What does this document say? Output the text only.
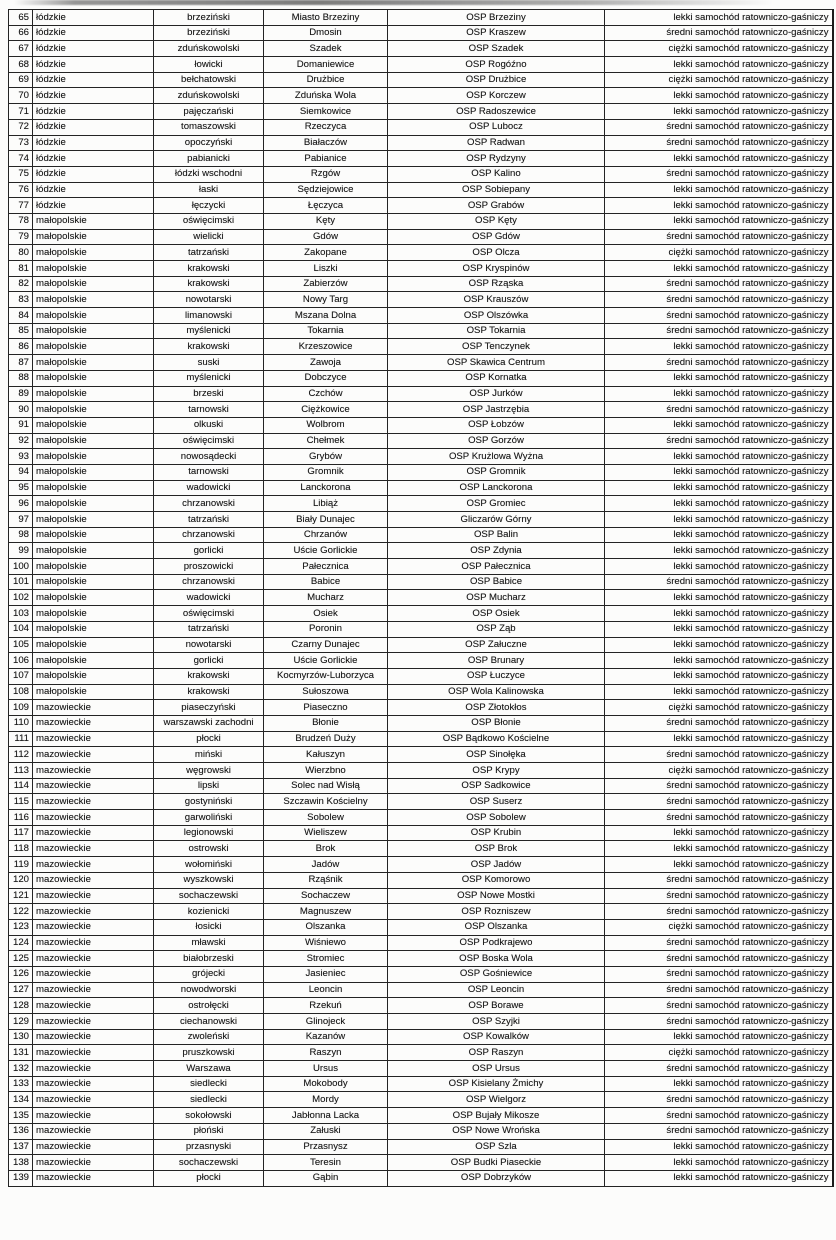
65	łódzkie	brzeziński	Miasto Brzeziny	OSP Brzeziny	lekki samochód ratowniczo-gaśniczy
66	łódzkie	brzeziński	Dmosin	OSP Kraszew	średni samochód ratowniczo-gaśniczy
67	łódzkie	zduńskowolski	Szadek	OSP Szadek	ciężki samochód ratowniczo-gaśniczy
68	łódzkie	łowicki	Domaniewice	OSP Rogóźno	lekki samochód ratowniczo-gaśniczy
69	łódzkie	bełchatowski	Drużbice	OSP Drużbice	ciężki samochód ratowniczo-gaśniczy
70	łódzkie	zduńskowolski	Zduńska Wola	OSP Korczew	lekki samochód ratowniczo-gaśniczy
71	łódzkie	pajęczański	Siemkowice	OSP Radoszewice	lekki samochód ratowniczo-gaśniczy
72	łódzkie	tomaszowski	Rzeczyca	OSP Lubocz	średni samochód ratowniczo-gaśniczy
73	łódzkie	opoczyński	Białaczów	OSP Radwan	średni samochód ratowniczo-gaśniczy
74	łódzkie	pabianicki	Pabianice	OSP Rydzyny	lekki samochód ratowniczo-gaśniczy
75	łódzkie	łódzki wschodni	Rzgów	OSP Kalino	średni samochód ratowniczo-gaśniczy
76	łódzkie	łaski	Sędziejowice	OSP Sobiepany	lekki samochód ratowniczo-gaśniczy
77	łódzkie	łęczycki	Łęczyca	OSP Grabów	lekki samochód ratowniczo-gaśniczy
78	małopolskie	oświęcimski	Kęty	OSP Kęty	lekki samochód ratowniczo-gaśniczy
79	małopolskie	wielicki	Gdów	OSP Gdów	średni samochód ratowniczo-gaśniczy
80	małopolskie	tatrzański	Zakopane	OSP Olcza	ciężki samochód ratowniczo-gaśniczy
81	małopolskie	krakowski	Liszki	OSP Kryspinów	lekki samochód ratowniczo-gaśniczy
82	małopolskie	krakowski	Zabierzów	OSP Rząska	średni samochód ratowniczo-gaśniczy
83	małopolskie	nowotarski	Nowy Targ	OSP Krauszów	średni samochód ratowniczo-gaśniczy
84	małopolskie	limanowski	Mszana Dolna	OSP Olszówka	średni samochód ratowniczo-gaśniczy
85	małopolskie	myślenicki	Tokarnia	OSP Tokarnia	średni samochód ratowniczo-gaśniczy
86	małopolskie	krakowski	Krzeszowice	OSP Tenczynek	lekki samochód ratowniczo-gaśniczy
87	małopolskie	suski	Zawoja	OSP Skawica Centrum	średni samochód ratowniczo-gaśniczy
88	małopolskie	myślenicki	Dobczyce	OSP Kornatka	lekki samochód ratowniczo-gaśniczy
89	małopolskie	brzeski	Czchów	OSP Jurków	lekki samochód ratowniczo-gaśniczy
90	małopolskie	tarnowski	Ciężkowice	OSP Jastrzębia	średni samochód ratowniczo-gaśniczy
91	małopolskie	olkuski	Wolbrom	OSP Łobzów	lekki samochód ratowniczo-gaśniczy
92	małopolskie	oświęcimski	Chełmek	OSP Gorzów	średni samochód ratowniczo-gaśniczy
93	małopolskie	nowosądecki	Grybów	OSP Krużlowa Wyżna	lekki samochód ratowniczo-gaśniczy
94	małopolskie	tarnowski	Gromnik	OSP Gromnik	lekki samochód ratowniczo-gaśniczy
95	małopolskie	wadowicki	Lanckorona	OSP Lanckorona	lekki samochód ratowniczo-gaśniczy
96	małopolskie	chrzanowski	Libiąż	OSP Gromiec	lekki samochód ratowniczo-gaśniczy
97	małopolskie	tatrzański	Biały Dunajec	Gliczarów Górny	lekki samochód ratowniczo-gaśniczy
98	małopolskie	chrzanowski	Chrzanów	OSP Balin	lekki samochód ratowniczo-gaśniczy
99	małopolskie	gorlicki	Uście Gorlickie	OSP Zdynia	lekki samochód ratowniczo-gaśniczy
100	małopolskie	proszowicki	Pałecznica	OSP Pałecznica	lekki samochód ratowniczo-gaśniczy
101	małopolskie	chrzanowski	Babice	OSP Babice	średni samochód ratowniczo-gaśniczy
102	małopolskie	wadowicki	Mucharz	OSP Mucharz	lekki samochód ratowniczo-gaśniczy
103	małopolskie	oświęcimski	Osiek	OSP Osiek	lekki samochód ratowniczo-gaśniczy
104	małopolskie	tatrzański	Poronin	OSP Ząb	lekki samochód ratowniczo-gaśniczy
105	małopolskie	nowotarski	Czarny Dunajec	OSP Załuczne	lekki samochód ratowniczo-gaśniczy
106	małopolskie	gorlicki	Uście Gorlickie	OSP Brunary	lekki samochód ratowniczo-gaśniczy
107	małopolskie	krakowski	Kocmyrzów-Luborzyca	OSP Łuczyce	lekki samochód ratowniczo-gaśniczy
108	małopolskie	krakowski	Sułoszowa	OSP Wola Kalinowska	lekki samochód ratowniczo-gaśniczy
109	mazowieckie	piaseczyński	Piaseczno	OSP Złotokłos	ciężki samochód ratowniczo-gaśniczy
110	mazowieckie	warszawski zachodni	Błonie	OSP Błonie	średni samochód ratowniczo-gaśniczy
111	mazowieckie	płocki	Brudzeń Duży	OSP Bądkowo Kościelne	lekki samochód ratowniczo-gaśniczy
112	mazowieckie	miński	Kałuszyn	OSP Sinołęka	średni samochód ratowniczo-gaśniczy
113	mazowieckie	węgrowski	Wierzbno	OSP Krypy	ciężki samochód ratowniczo-gaśniczy
114	mazowieckie	lipski	Solec nad Wisłą	OSP Sadkowice	średni samochód ratowniczo-gaśniczy
115	mazowieckie	gostyniński	Szczawin Kościelny	OSP Suserz	średni samochód ratowniczo-gaśniczy
116	mazowieckie	garwoliński	Sobolew	OSP Sobolew	średni samochód ratowniczo-gaśniczy
117	mazowieckie	legionowski	Wieliszew	OSP Krubin	lekki samochód ratowniczo-gaśniczy
118	mazowieckie	ostrowski	Brok	OSP Brok	lekki samochód ratowniczo-gaśniczy
119	mazowieckie	wołomiński	Jadów	OSP Jadów	lekki samochód ratowniczo-gaśniczy
120	mazowieckie	wyszkowski	Rząśnik	OSP Komorowo	średni samochód ratowniczo-gaśniczy
121	mazowieckie	sochaczewski	Sochaczew	OSP Nowe Mostki	średni samochód ratowniczo-gaśniczy
122	mazowieckie	kozienicki	Magnuszew	OSP Rozniszew	średni samochód ratowniczo-gaśniczy
123	mazowieckie	łosicki	Olszanka	OSP Olszanka	ciężki samochód ratowniczo-gaśniczy
124	mazowieckie	mławski	Wiśniewo	OSP Podkrajewo	średni samochód ratowniczo-gaśniczy
125	mazowieckie	białobrzeski	Stromiec	OSP Boska Wola	średni samochód ratowniczo-gaśniczy
126	mazowieckie	grójecki	Jasieniec	OSP Gośniewice	średni samochód ratowniczo-gaśniczy
127	mazowieckie	nowodworski	Leoncin	OSP Leoncin	średni samochód ratowniczo-gaśniczy
128	mazowieckie	ostrołęcki	Rzekuń	OSP Borawe	średni samochód ratowniczo-gaśniczy
129	mazowieckie	ciechanowski	Glinojeck	OSP Szyjki	średni samochód ratowniczo-gaśniczy
130	mazowieckie	zwoleński	Kazanów	OSP Kowalków	lekki samochód ratowniczo-gaśniczy
131	mazowieckie	pruszkowski	Raszyn	OSP Raszyn	ciężki samochód ratowniczo-gaśniczy
132	mazowieckie	Warszawa	Ursus	OSP Ursus	średni samochód ratowniczo-gaśniczy
133	mazowieckie	siedlecki	Mokobody	OSP Kisielany Żmichy	lekki samochód ratowniczo-gaśniczy
134	mazowieckie	siedlecki	Mordy	OSP Wielgorz	średni samochód ratowniczo-gaśniczy
135	mazowieckie	sokołowski	Jabłonna Lacka	OSP Bujały Mikosze	średni samochód ratowniczo-gaśniczy
136	mazowieckie	płoński	Załuski	OSP Nowe Wrońska	średni samochód ratowniczo-gaśniczy
137	mazowieckie	przasnyski	Przasnysz	OSP Szla	lekki samochód ratowniczo-gaśniczy
138	mazowieckie	sochaczewski	Teresin	OSP Budki Piaseckie	lekki samochód ratowniczo-gaśniczy
139	mazowieckie	płocki	Gąbin	OSP Dobrzyków	lekki samochód ratowniczo-gaśniczy
